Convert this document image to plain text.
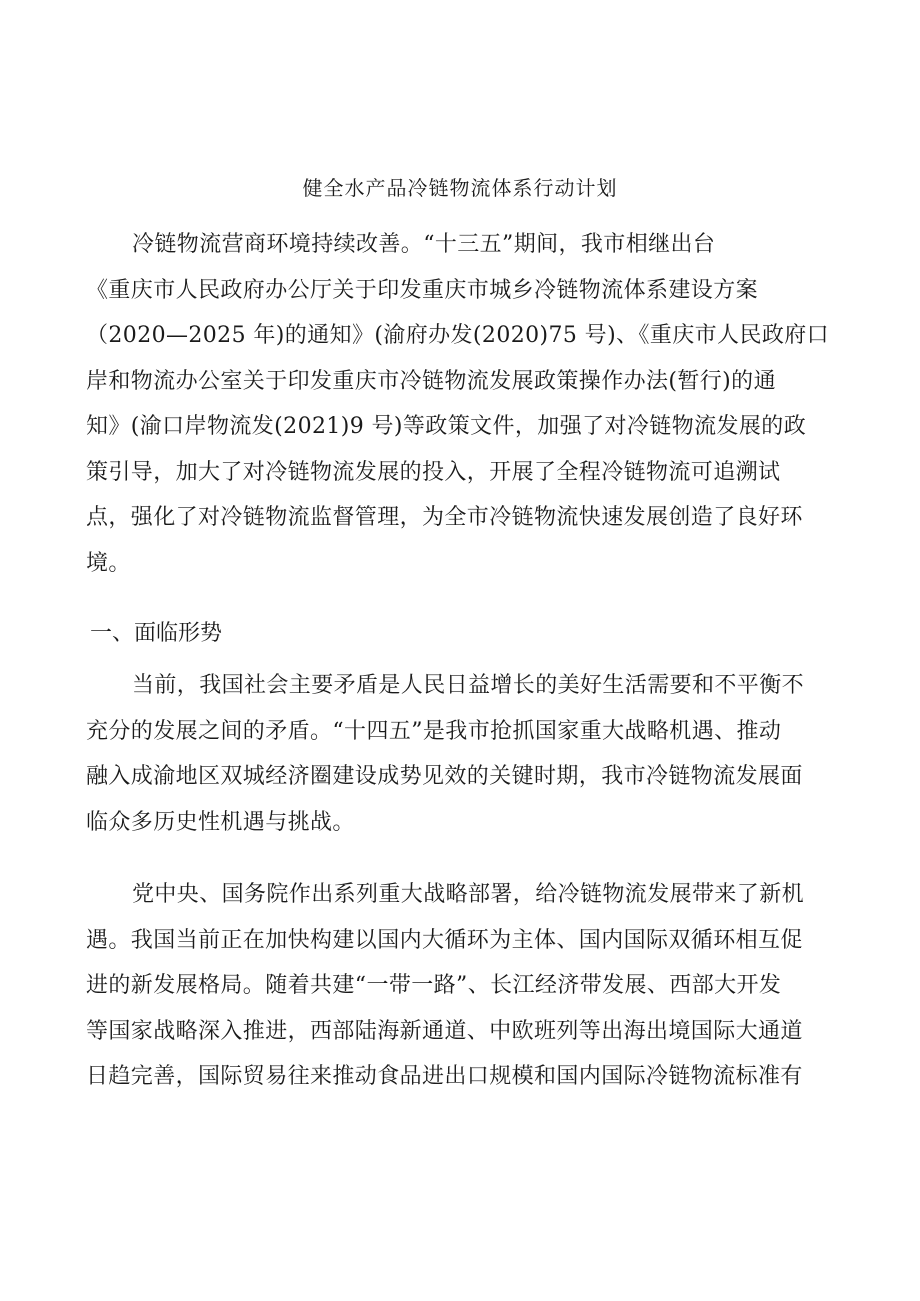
健全水产品冷链物流体系行动计划
冷链物流营商环境持续改善。“十三五”期间，我市相继出台
《重庆市人民政府办公厅关于印发重庆市城乡冷链物流体系建设方案
（2020—2025 年)的通知》(渝府办发(2020)75 号)、《重庆市人民政府口
岸和物流办公室关于印发重庆市冷链物流发展政策操作办法(暂行)的通
知》(渝口岸物流发(2021)9 号)等政策文件，加强了对冷链物流发展的政
策引导，加大了对冷链物流发展的投入，开展了全程冷链物流可追溯试
点，强化了对冷链物流监督管理，为全市冷链物流快速发展创造了良好环
境。
一、面临形势
当前，我国社会主要矛盾是人民日益增长的美好生活需要和不平衡不
充分的发展之间的矛盾。“十四五”是我市抢抓国家重大战略机遇、推动
融入成渝地区双城经济圈建设成势见效的关键时期，我市冷链物流发展面
临众多历史性机遇与挑战。
党中央、国务院作出系列重大战略部署，给冷链物流发展带来了新机
遇。我国当前正在加快构建以国内大循环为主体、国内国际双循环相互促
进的新发展格局。随着共建“一带一路”、长江经济带发展、西部大开发
等国家战略深入推进，西部陆海新通道、中欧班列等出海出境国际大通道
日趋完善，国际贸易往来推动食品进出口规模和国内国际冷链物流标准有
